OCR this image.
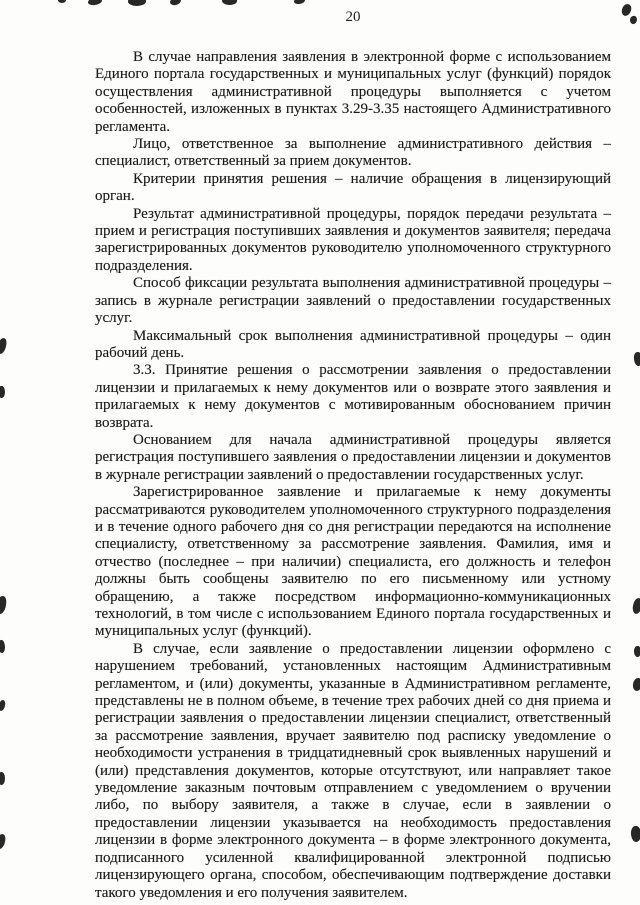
20

В случае направления заявления в электронной форме с использованием Единого портала государственных и муниципальных услуг (функций) порядок осуществления административной процедуры выполняется с учетом особенностей, изложенных в пунктах 3.29-3.35 настоящего Административного регламента.

Лицо, ответственное за выполнение административного действия – специалист, ответственный за прием документов.

Критерии принятия решения – наличие обращения в лицензирующий орган.

Результат административной процедуры, порядок передачи результата – прием и регистрация поступивших заявления и документов заявителя; передача зарегистрированных документов руководителю уполномоченного структурного подразделения.

Способ фиксации результата выполнения административной процедуры – запись в журнале регистрации заявлений о предоставлении государственных услуг.

Максимальный срок выполнения административной процедуры – один рабочий день.

3.3. Принятие решения о рассмотрении заявления о предоставлении лицензии и прилагаемых к нему документов или о возврате этого заявления и прилагаемых к нему документов с мотивированным обоснованием причин возврата.

Основанием для начала административной процедуры является регистрация поступившего заявления о предоставлении лицензии и документов в журнале регистрации заявлений о предоставлении государственных услуг.

Зарегистрированное заявление и прилагаемые к нему документы рассматриваются руководителем уполномоченного структурного подразделения и в течение одного рабочего дня со дня регистрации передаются на исполнение специалисту, ответственному за рассмотрение заявления. Фамилия, имя и отчество (последнее – при наличии) специалиста, его должность и телефон должны быть сообщены заявителю по его письменному или устному обращению, а также посредством информационно-коммуникационных технологий, в том числе с использованием Единого портала государственных и муниципальных услуг (функций).

В случае, если заявление о предоставлении лицензии оформлено с нарушением требований, установленных настоящим Административным регламентом, и (или) документы, указанные в Административном регламенте, представлены не в полном объеме, в течение трех рабочих дней со дня приема и регистрации заявления о предоставлении лицензии специалист, ответственный за рассмотрение заявления, вручает заявителю под расписку уведомление о необходимости устранения в тридцатидневный срок выявленных нарушений и (или) представления документов, которые отсутствуют, или направляет такое уведомление заказным почтовым отправлением с уведомлением о вручении либо, по выбору заявителя, а также в случае, если в заявлении о предоставлении лицензии указывается на необходимость предоставления лицензии в форме электронного документа – в форме электронного документа, подписанного усиленной квалифицированной электронной подписью лицензирующего органа, способом, обеспечивающим подтверждение доставки такого уведомления и его получения заявителем.
